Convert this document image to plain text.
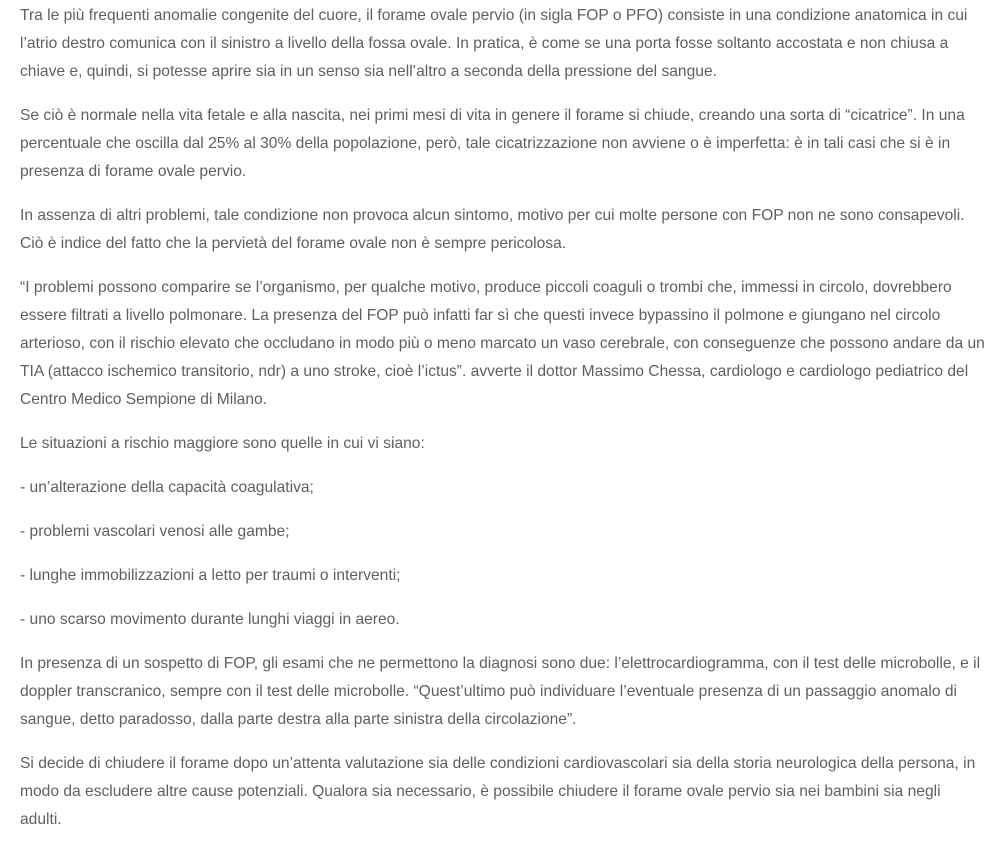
Tra le più frequenti anomalie congenite del cuore, il forame ovale pervio (in sigla FOP o PFO) consiste in una condizione anatomica in cui l’atrio destro comunica con il sinistro a livello della fossa ovale. In pratica, è come se una porta fosse soltanto accostata e non chiusa a chiave e, quindi, si potesse aprire sia in un senso sia nell’altro a seconda della pressione del sangue.

Se ciò è normale nella vita fetale e alla nascita, nei primi mesi di vita in genere il forame si chiude, creando una sorta di “cicatrice”. In una percentuale che oscilla dal 25% al 30% della popolazione, però, tale cicatrizzazione non avviene o è imperfetta: è in tali casi che si è in presenza di forame ovale pervio.

In assenza di altri problemi, tale condizione non provoca alcun sintomo, motivo per cui molte persone con FOP non ne sono consapevoli. Ciò è indice del fatto che la pervietà del forame ovale non è sempre pericolosa.

“I problemi possono comparire se l’organismo, per qualche motivo, produce piccoli coaguli o trombi che, immessi in circolo, dovrebbero essere filtrati a livello polmonare. La presenza del FOP può infatti far sì che questi invece bypassino il polmone e giungano nel circolo arterioso, con il rischio elevato che occludano in modo più o meno marcato un vaso cerebrale, con conseguenze che possono andare da un TIA (attacco ischemico transitorio, ndr) a uno stroke, cioè l’ictus”. avverte il dottor Massimo Chessa, cardiologo e cardiologo pediatrico del Centro Medico Sempione di Milano.

Le situazioni a rischio maggiore sono quelle in cui vi siano:

- un’alterazione della capacità coagulativa;

- problemi vascolari venosi alle gambe;

- lunghe immobilizzazioni a letto per traumi o interventi;

- uno scarso movimento durante lunghi viaggi in aereo.

In presenza di un sospetto di FOP, gli esami che ne permettono la diagnosi sono due: l’elettrocardiogramma, con il test delle microbolle, e il doppler transcranico, sempre con il test delle microbolle. “Quest’ultimo può individuare l’eventuale presenza di un passaggio anomalo di sangue, detto paradosso, dalla parte destra alla parte sinistra della circolazione”.

Si decide di chiudere il forame dopo un’attenta valutazione sia delle condizioni cardiovascolari sia della storia neurologica della persona, in modo da escludere altre cause potenziali. Qualora sia necessario, è possibile chiudere il forame ovale pervio sia nei bambini sia negli adulti.
